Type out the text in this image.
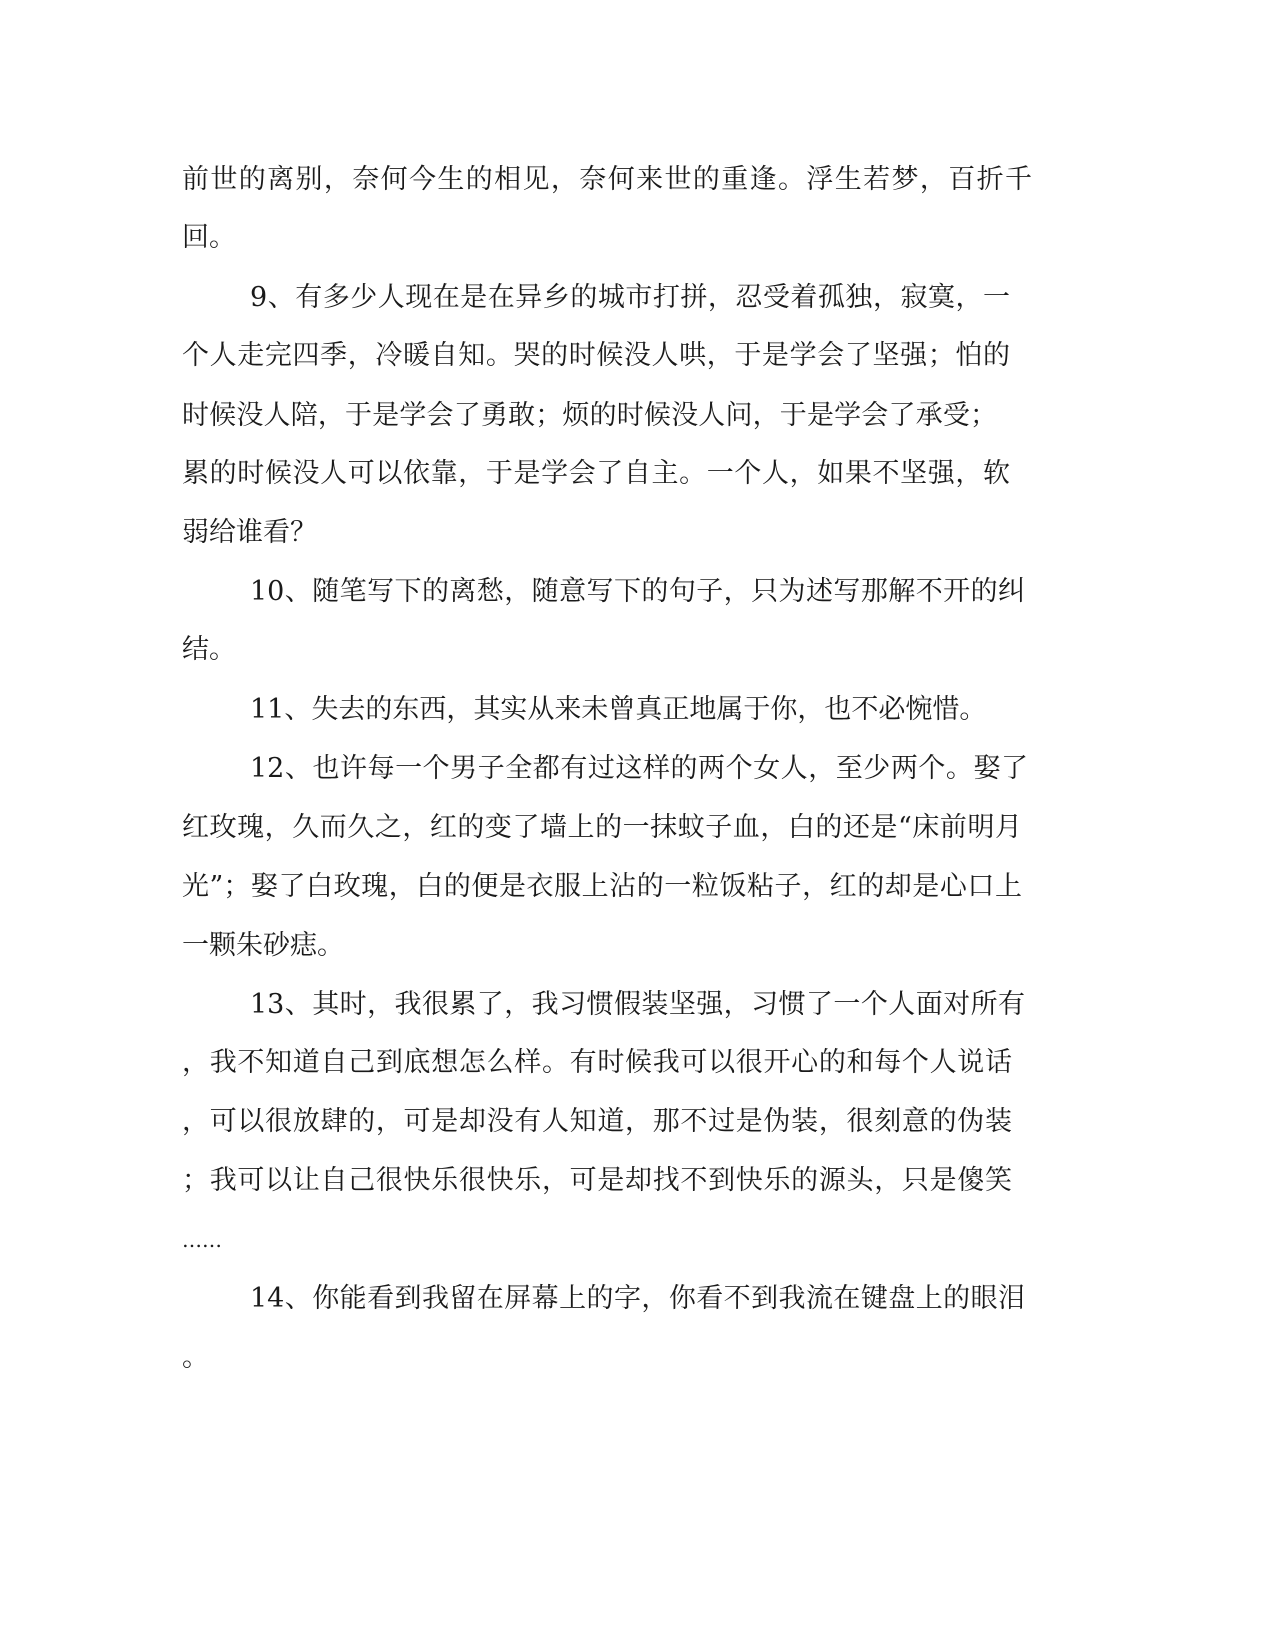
前世的离别，奈何今生的相见，奈何来世的重逢。浮生若梦，百折千
回。
9、有多少人现在是在异乡的城市打拼，忍受着孤独，寂寞，一
个人走完四季，冷暖自知。哭的时候没人哄，于是学会了坚强；怕的
时候没人陪，于是学会了勇敢；烦的时候没人问，于是学会了承受；
累的时候没人可以依靠，于是学会了自主。一个人，如果不坚强，软
弱给谁看？
10、随笔写下的离愁，随意写下的句子，只为述写那解不开的纠
结。
11、失去的东西，其实从来未曾真正地属于你，也不必惋惜。
12、也许每一个男子全都有过这样的两个女人，至少两个。娶了
红玫瑰，久而久之，红的变了墙上的一抹蚊子血，白的还是“床前明月
光”；娶了白玫瑰，白的便是衣服上沾的一粒饭粘子，红的却是心口上
一颗朱砂痣。
13、其时，我很累了，我习惯假装坚强，习惯了一个人面对所有
，我不知道自己到底想怎么样。有时候我可以很开心的和每个人说话
，可以很放肆的，可是却没有人知道，那不过是伪装，很刻意的伪装
；我可以让自己很快乐很快乐，可是却找不到快乐的源头，只是傻笑
……
14、你能看到我留在屏幕上的字，你看不到我流在键盘上的眼泪
。
